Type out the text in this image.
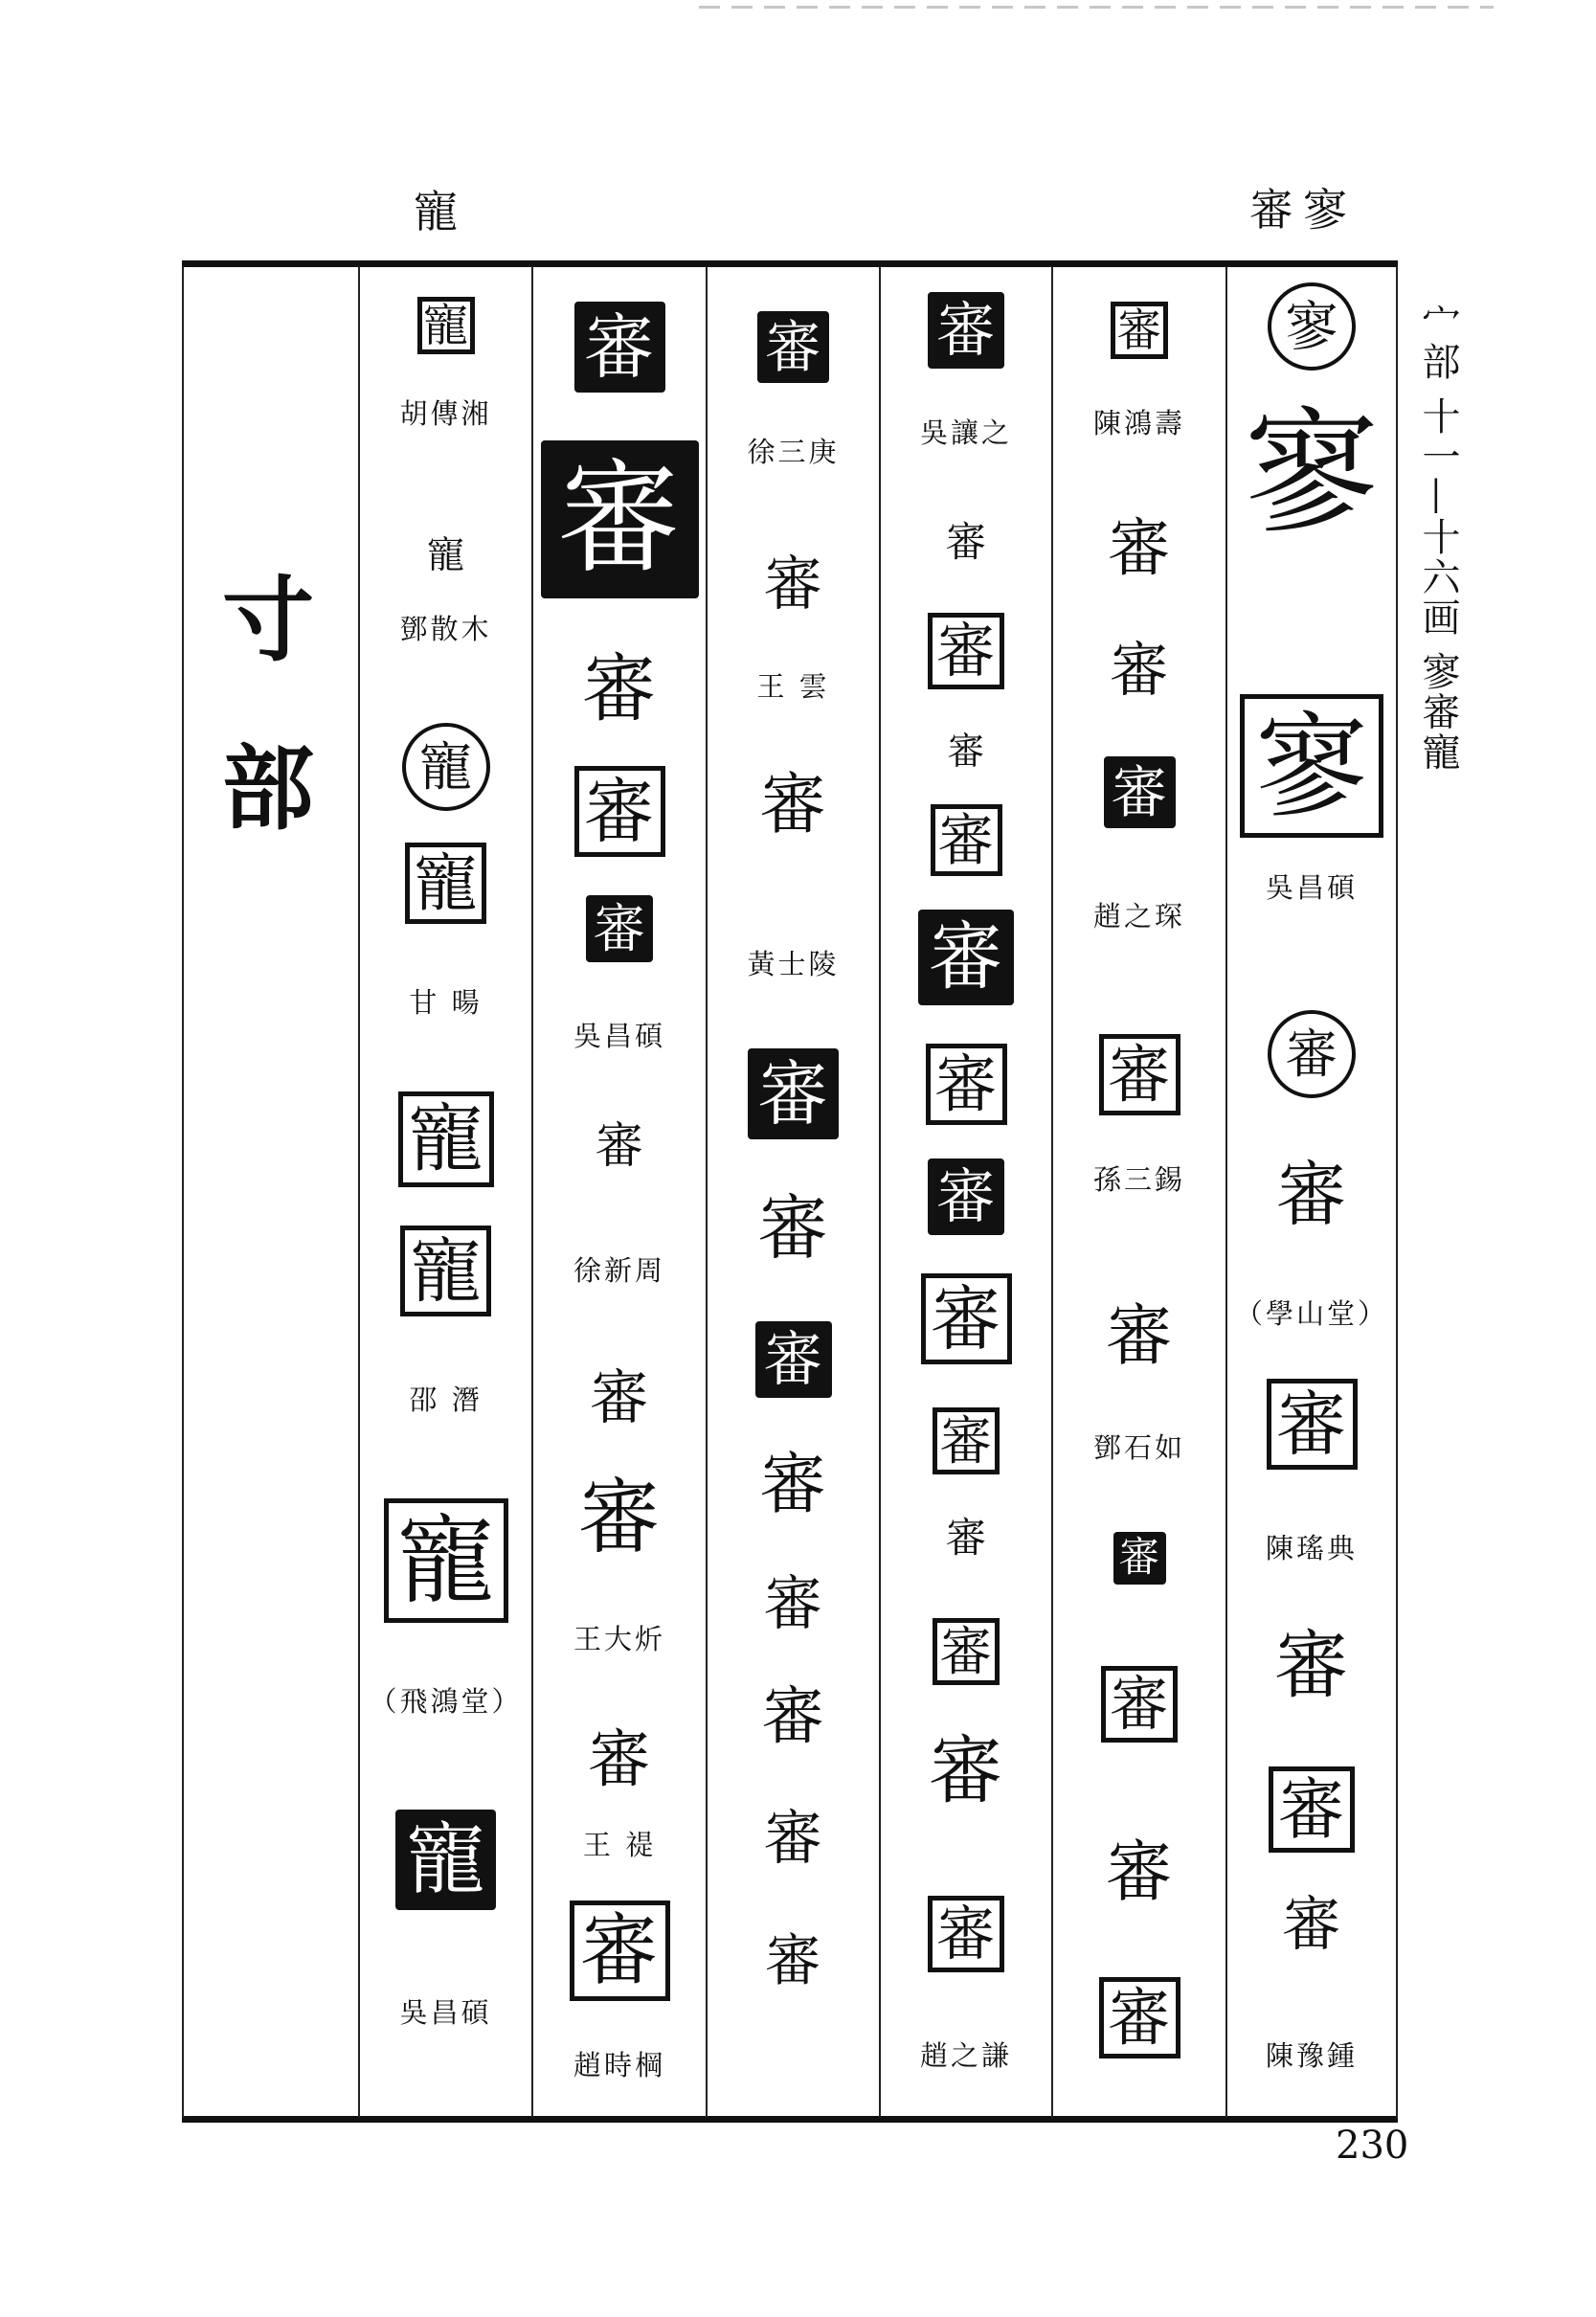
寵	審寥
寸
部
宀部 十一—十六画 寥審寵
寥
寥
寥
吳昌碩
審
審
（學山堂）
審
陳瑤典
審
審
審
陳豫鍾
審
陳鴻壽
審
審
審
趙之琛
審
孫三錫
審
鄧石如
審
審
審
審
審
吳讓之
審
審
審
審
審
審
審
審
審
審
審
審
審
趙之謙
審
徐三庚
審
王 雲
審
黃士陵
審
審
審
審
審
審
審
審
審
審
審
審
審
吳昌碩
審
徐新周
審
審
王大炘
審
王 禔
審
趙時棡
寵
胡傳湘
寵
鄧散木
寵
寵
甘 暘
寵
寵
邵 潛
寵
（飛鴻堂）
寵
吳昌碩
230
